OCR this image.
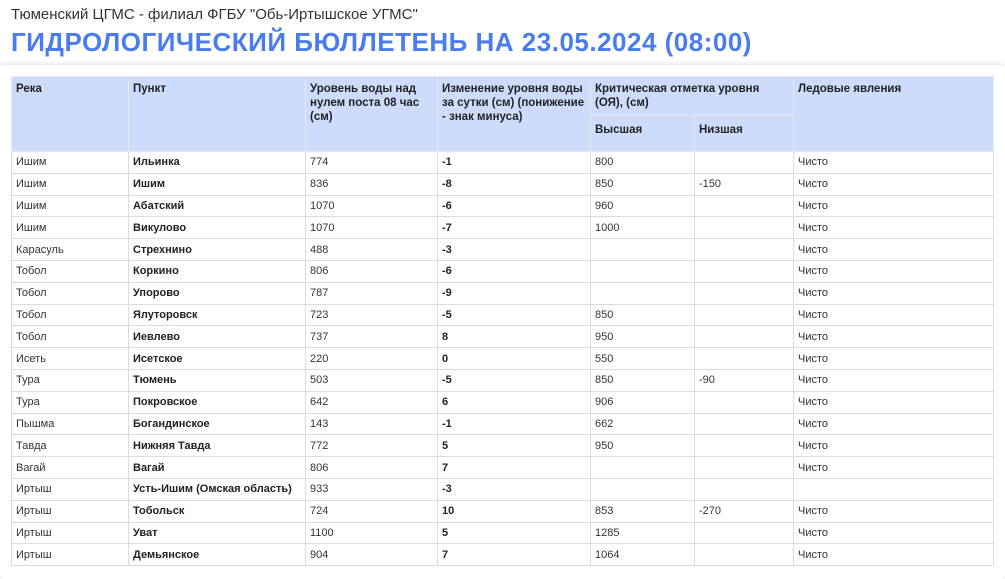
Тюменский ЦГМС - филиал ФГБУ "Обь-Иртышское УГМС"
ГИДРОЛОГИЧЕСКИЙ БЮЛЛЕТЕНЬ НА 23.05.2024 (08:00)
Река	Пункт	Уровень воды над нулем поста 08 час (см)	Изменение уровня воды за сутки (см) (понижение - знак минуса)	Критическая отметка уровня (ОЯ), (см)		Ледовые явления
				Высшая	Низшая	
Ишим	Ильинка	774	-1	800		Чисто
Ишим	Ишим	836	-8	850	-150	Чисто
Ишим	Абатский	1070	-6	960		Чисто
Ишим	Викулово	1070	-7	1000		Чисто
Карасуль	Стрехнино	488	-3			Чисто
Тобол	Коркино	806	-6			Чисто
Тобол	Упорово	787	-9			Чисто
Тобол	Ялуторовск	723	-5	850		Чисто
Тобол	Иевлево	737	8	950		Чисто
Исеть	Исетское	220	0	550		Чисто
Тура	Тюмень	503	-5	850	-90	Чисто
Тура	Покровское	642	6	906		Чисто
Пышма	Богандинское	143	-1	662		Чисто
Тавда	Нижняя Тавда	772	5	950		Чисто
Вагай	Вагай	806	7			Чисто
Иртыш	Усть-Ишим (Омская область)	933	-3			
Иртыш	Тобольск	724	10	853	-270	Чисто
Иртыш	Уват	1100	5	1285		Чисто
Иртыш	Демьянское	904	7	1064		Чисто
